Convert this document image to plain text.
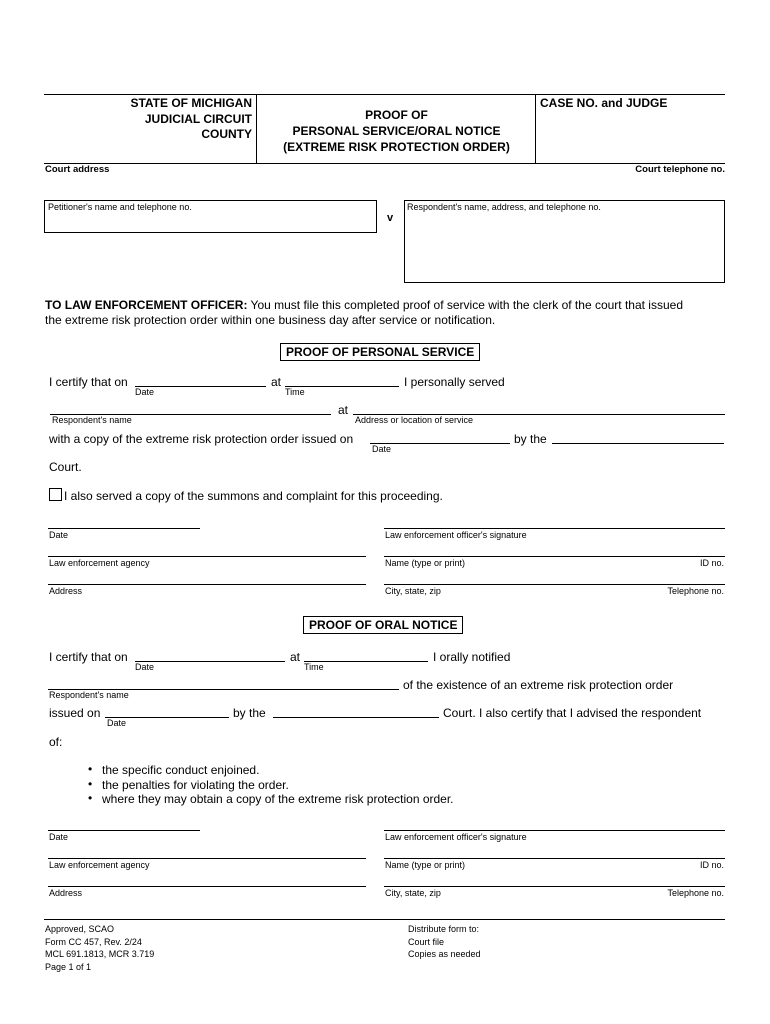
STATE OF MICHIGAN
JUDICIAL CIRCUIT
COUNTY
PROOF OF
PERSONAL SERVICE/ORAL NOTICE
(EXTREME RISK PROTECTION ORDER)
CASE NO. and JUDGE
Court address	Court telephone no.
Petitioner's name and telephone no.
v
Respondent's name, address, and telephone no.
TO LAW ENFORCEMENT OFFICER: You must file this completed proof of service with the clerk of the court that issued
the extreme risk protection order within one business day after service or notification.
PROOF OF PERSONAL SERVICE
I certify that on
Date
at
Time
I personally served
Respondent's name
at
Address or location of service
with a copy of the extreme risk protection order issued on
Date
by the
Court.
I also served a copy of the summons and complaint for this proceeding.
Date	Law enforcement officer's signature
Law enforcement agency	Name (type or print)	ID no.
Address	City, state, zip	Telephone no.
PROOF OF ORAL NOTICE
I certify that on
Date
at
Time
I orally notified
Respondent's name
of the existence of an extreme risk protection order
issued on
Date
by the	Court. I also certify that I advised the respondent
of:
• the specific conduct enjoined.
• the penalties for violating the order.
• where they may obtain a copy of the extreme risk protection order.
Date	Law enforcement officer's signature
Law enforcement agency	Name (type or print)	ID no.
Address	City, state, zip	Telephone no.
Approved, SCAO
Form CC 457, Rev. 2/24
MCL 691.1813, MCR 3.719
Page 1 of 1
Distribute form to:
Court file
Copies as needed
